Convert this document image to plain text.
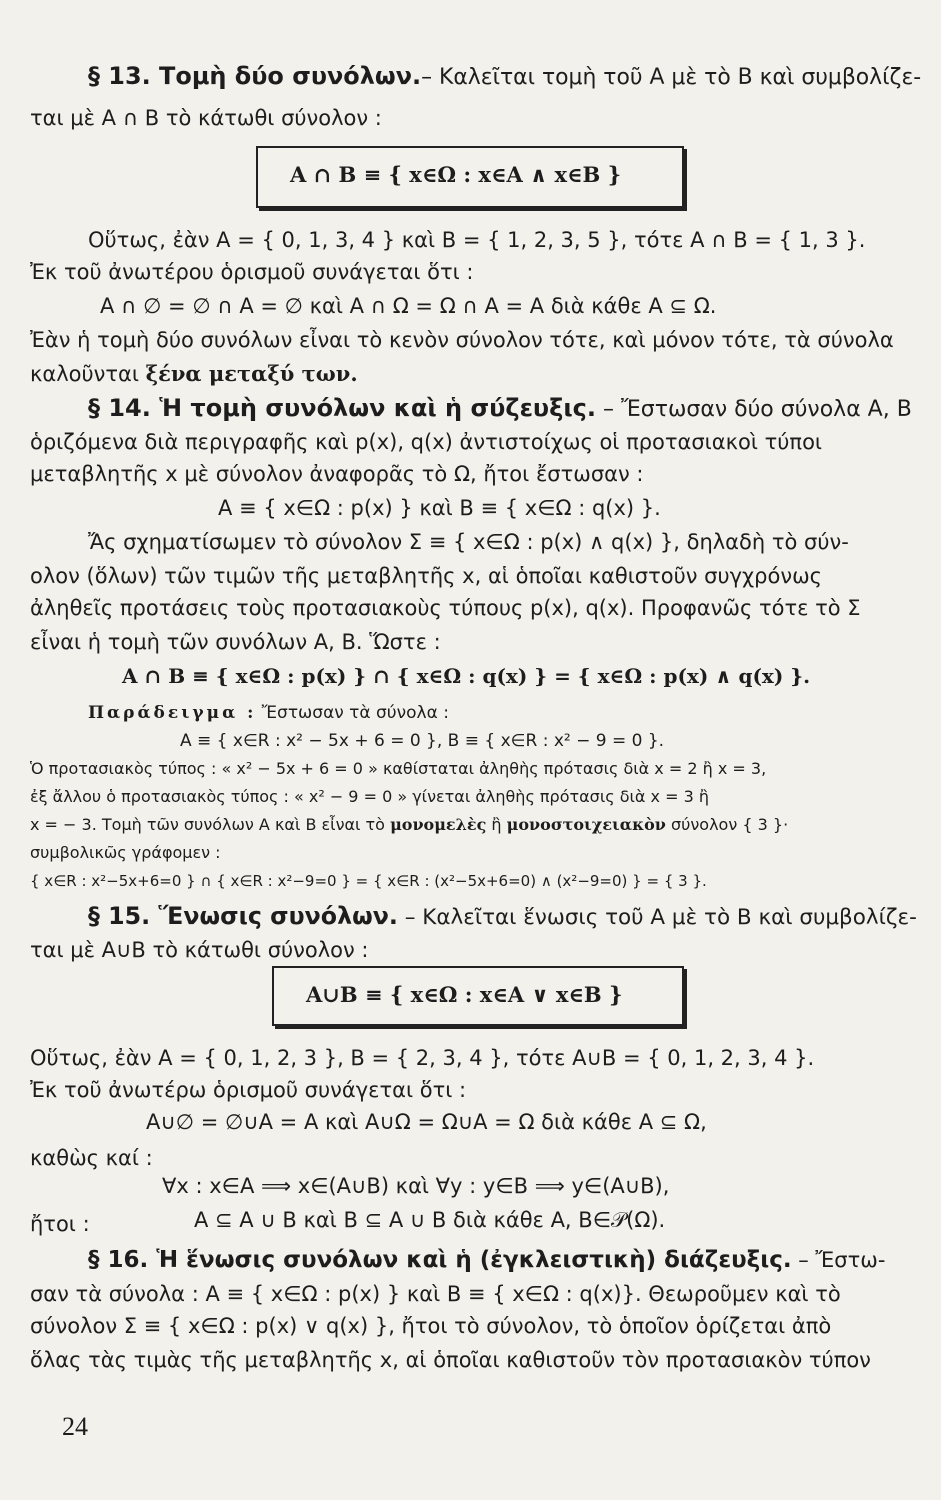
§ 13. Τομὴ δύο συνόλων.– Καλεῖται τομὴ τοῦ Α μὲ τὸ Β καὶ συμβολίζε-
ται μὲ Α ∩ Β τὸ κάτωθι σύνολον :
Α ∩ Β ≡ { x∈Ω : x∈Α ∧ x∈Β }
Οὕτως, ἐὰν Α = { 0, 1, 3, 4 } καὶ Β = { 1, 2, 3, 5 }, τότε Α ∩ Β = { 1, 3 }.
Ἐκ τοῦ ἀνωτέρου ὁρισμοῦ συνάγεται ὅτι :
Α ∩ ∅ = ∅ ∩ Α = ∅ καὶ Α ∩ Ω = Ω ∩ Α = Α διὰ κάθε Α ⊆ Ω.
Ἐὰν ἡ τομὴ δύο συνόλων εἶναι τὸ κενὸν σύνολον τότε, καὶ μόνον τότε, τὰ σύνολα
καλοῦνται ξένα μεταξύ των.
§ 14. Ἡ τομὴ συνόλων καὶ ἡ σύζευξις. – Ἔστωσαν δύο σύνολα Α, Β
ὁριζόμενα διὰ περιγραφῆς καὶ p(x), q(x) ἀντιστοίχως οἱ προτασιακοὶ τύποι
μεταβλητῆς x μὲ σύνολον ἀναφορᾶς τὸ Ω, ἤτοι ἔστωσαν :
Α ≡ { x∈Ω : p(x) } καὶ Β ≡ { x∈Ω : q(x) }.
Ἄς σχηματίσωμεν τὸ σύνολον Σ ≡ { x∈Ω : p(x) ∧ q(x) }, δηλαδὴ τὸ σύν-
ολον (ὅλων) τῶν τιμῶν τῆς μεταβλητῆς x, αἱ ὁποῖαι καθιστοῦν συγχρόνως
ἀληθεῖς προτάσεις τοὺς προτασιακοὺς τύπους p(x), q(x). Προφανῶς τότε τὸ Σ
εἶναι ἡ τομὴ τῶν συνόλων Α, Β. Ὥστε :
Α ∩ Β ≡ { x∈Ω : p(x) } ∩ { x∈Ω : q(x) } = { x∈Ω : p(x) ∧ q(x) }.
Παράδειγμα : Ἔστωσαν τὰ σύνολα :
Α ≡ { x∈R : x² − 5x + 6 = 0 }, Β ≡ { x∈R : x² − 9 = 0 }.
Ὁ προτασιακὸς τύπος : « x² − 5x + 6 = 0 » καθίσταται ἀληθὴς πρότασις διὰ x = 2 ἢ x = 3,
ἐξ ἄλλου ὁ προτασιακὸς τύπος : « x² − 9 = 0 » γίνεται ἀληθὴς πρότασις διὰ x = 3 ἢ
x = − 3. Τομὴ τῶν συνόλων Α καὶ Β εἶναι τὸ μονομελὲς ἢ μονοστοιχειακὸν σύνολον { 3 }·
συμβολικῶς γράφομεν :
{ x∈R : x²−5x+6=0 } ∩ { x∈R : x²−9=0 } = { x∈R : (x²−5x+6=0) ∧ (x²−9=0) } = { 3 }.
§ 15. Ἕνωσις συνόλων. – Καλεῖται ἕνωσις τοῦ Α μὲ τὸ Β καὶ συμβολίζε-
ται μὲ Α∪Β τὸ κάτωθι σύνολον :
Α∪Β ≡ { x∈Ω : x∈Α ∨ x∈Β }
Οὕτως, ἐὰν Α = { 0, 1, 2, 3 }, Β = { 2, 3, 4 }, τότε Α∪Β = { 0, 1, 2, 3, 4 }.
Ἐκ τοῦ ἀνωτέρω ὁρισμοῦ συνάγεται ὅτι :
Α∪∅ = ∅∪Α = Α καὶ Α∪Ω = Ω∪Α = Ω διὰ κάθε Α ⊆ Ω,
καθὼς καί :
∀x : x∈Α ⟹ x∈(Α∪Β) καὶ ∀y : y∈Β ⟹ y∈(Α∪Β),
ἤτοι :	Α ⊆ Α ∪ Β καὶ Β ⊆ Α ∪ Β διὰ κάθε Α, Β∈𝒫(Ω).
§ 16. Ἡ ἕνωσις συνόλων καὶ ἡ (ἐγκλειστικὴ) διάζευξις. – Ἔστω-
σαν τὰ σύνολα : Α ≡ { x∈Ω : p(x) } καὶ Β ≡ { x∈Ω : q(x)}. Θεωροῦμεν καὶ τὸ
σύνολον Σ ≡ { x∈Ω : p(x) ∨ q(x) }, ἤτοι τὸ σύνολον, τὸ ὁποῖον ὁρίζεται ἀπὸ
ὅλας τὰς τιμὰς τῆς μεταβλητῆς x, αἱ ὁποῖαι καθιστοῦν τὸν προτασιακὸν τύπον
24
